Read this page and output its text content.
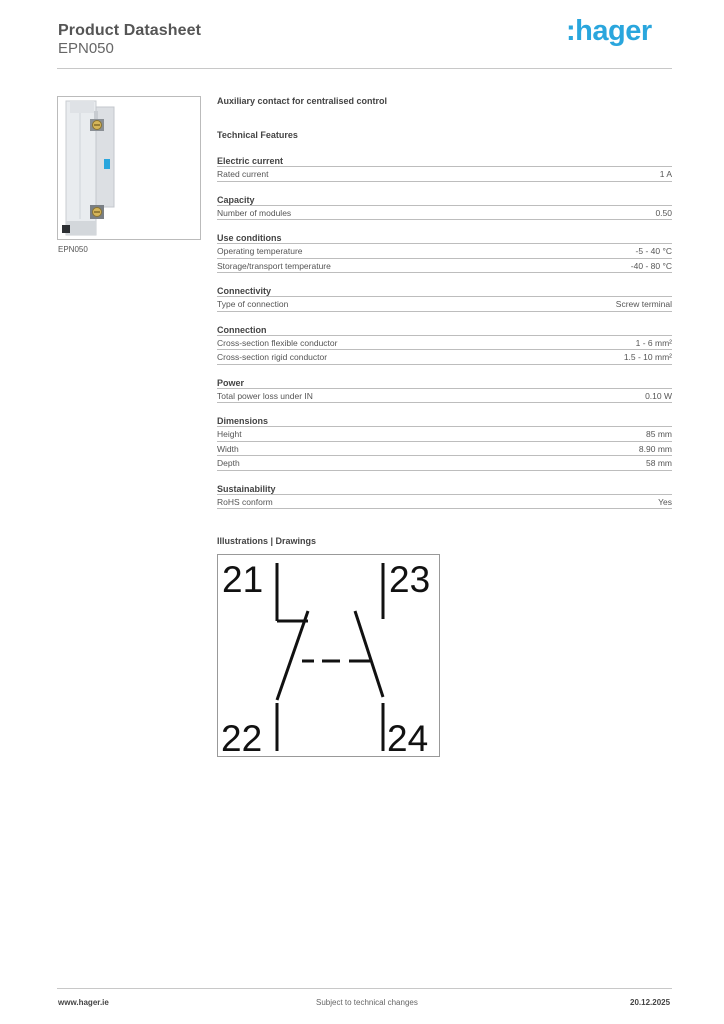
Product Datasheet
EPN050
:hager
EPN050
Auxiliary contact for centralised control
Technical Features
Electric current
Rated current	1 A
Capacity
Number of modules	0.50
Use conditions
Operating temperature	-5 - 40 °C
Storage/transport temperature	-40 - 80 °C
Connectivity
Type of connection	Screw terminal
Connection
Cross-section flexible conductor	1 - 6 mm²
Cross-section rigid conductor	1.5 - 10 mm²
Power
Total power loss under IN	0.10 W
Dimensions
Height	85 mm
Width	8.90 mm
Depth	58 mm
Sustainability
RoHS conform	Yes
Illustrations | Drawings
21	23
22	24
www.hager.ie	Subject to technical changes	20.12.2025
